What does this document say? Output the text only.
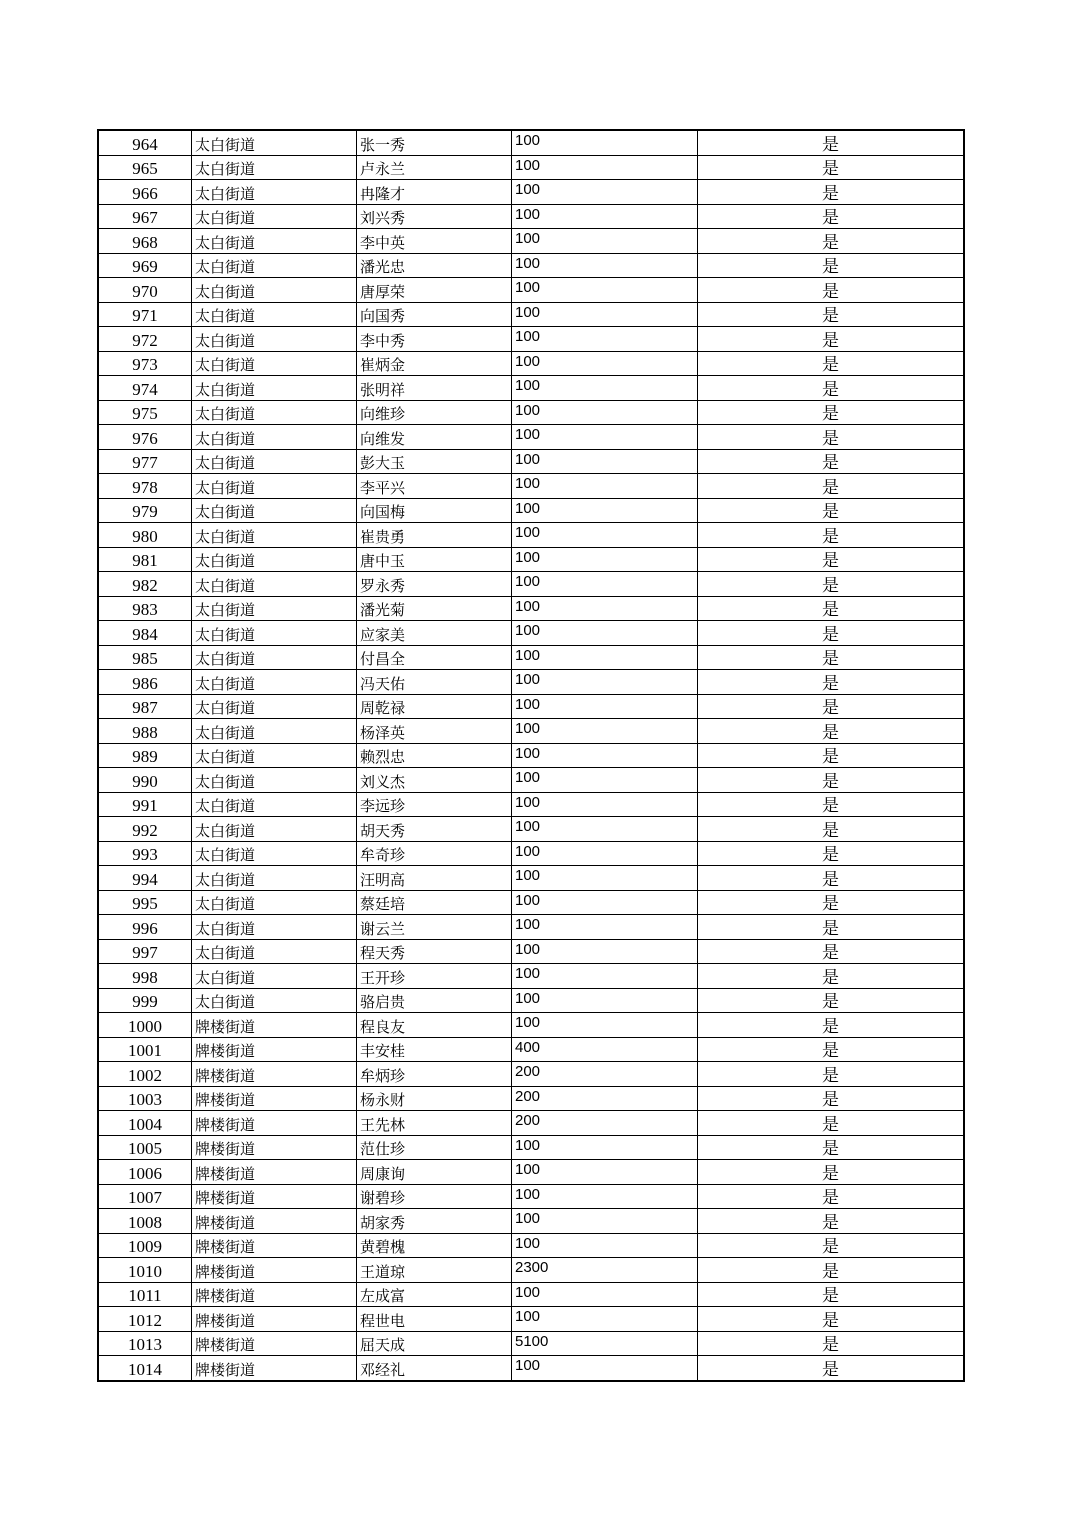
964	太白街道	张一秀	100	是
965	太白街道	卢永兰	100	是
966	太白街道	冉隆才	100	是
967	太白街道	刘兴秀	100	是
968	太白街道	李中英	100	是
969	太白街道	潘光忠	100	是
970	太白街道	唐厚荣	100	是
971	太白街道	向国秀	100	是
972	太白街道	李中秀	100	是
973	太白街道	崔炳金	100	是
974	太白街道	张明祥	100	是
975	太白街道	向维珍	100	是
976	太白街道	向维发	100	是
977	太白街道	彭大玉	100	是
978	太白街道	李平兴	100	是
979	太白街道	向国梅	100	是
980	太白街道	崔贵勇	100	是
981	太白街道	唐中玉	100	是
982	太白街道	罗永秀	100	是
983	太白街道	潘光菊	100	是
984	太白街道	应家美	100	是
985	太白街道	付昌全	100	是
986	太白街道	冯天佑	100	是
987	太白街道	周乾禄	100	是
988	太白街道	杨泽英	100	是
989	太白街道	赖烈忠	100	是
990	太白街道	刘义杰	100	是
991	太白街道	李远珍	100	是
992	太白街道	胡天秀	100	是
993	太白街道	牟奇珍	100	是
994	太白街道	汪明高	100	是
995	太白街道	蔡廷培	100	是
996	太白街道	谢云兰	100	是
997	太白街道	程天秀	100	是
998	太白街道	王开珍	100	是
999	太白街道	骆启贵	100	是
1000	牌楼街道	程良友	100	是
1001	牌楼街道	丰安桂	400	是
1002	牌楼街道	牟炳珍	200	是
1003	牌楼街道	杨永财	200	是
1004	牌楼街道	王先林	200	是
1005	牌楼街道	范仕珍	100	是
1006	牌楼街道	周康询	100	是
1007	牌楼街道	谢碧珍	100	是
1008	牌楼街道	胡家秀	100	是
1009	牌楼街道	黄碧槐	100	是
1010	牌楼街道	王道琼	2300	是
1011	牌楼街道	左成富	100	是
1012	牌楼街道	程世电	100	是
1013	牌楼街道	屈天成	5100	是
1014	牌楼街道	邓经礼	100	是
